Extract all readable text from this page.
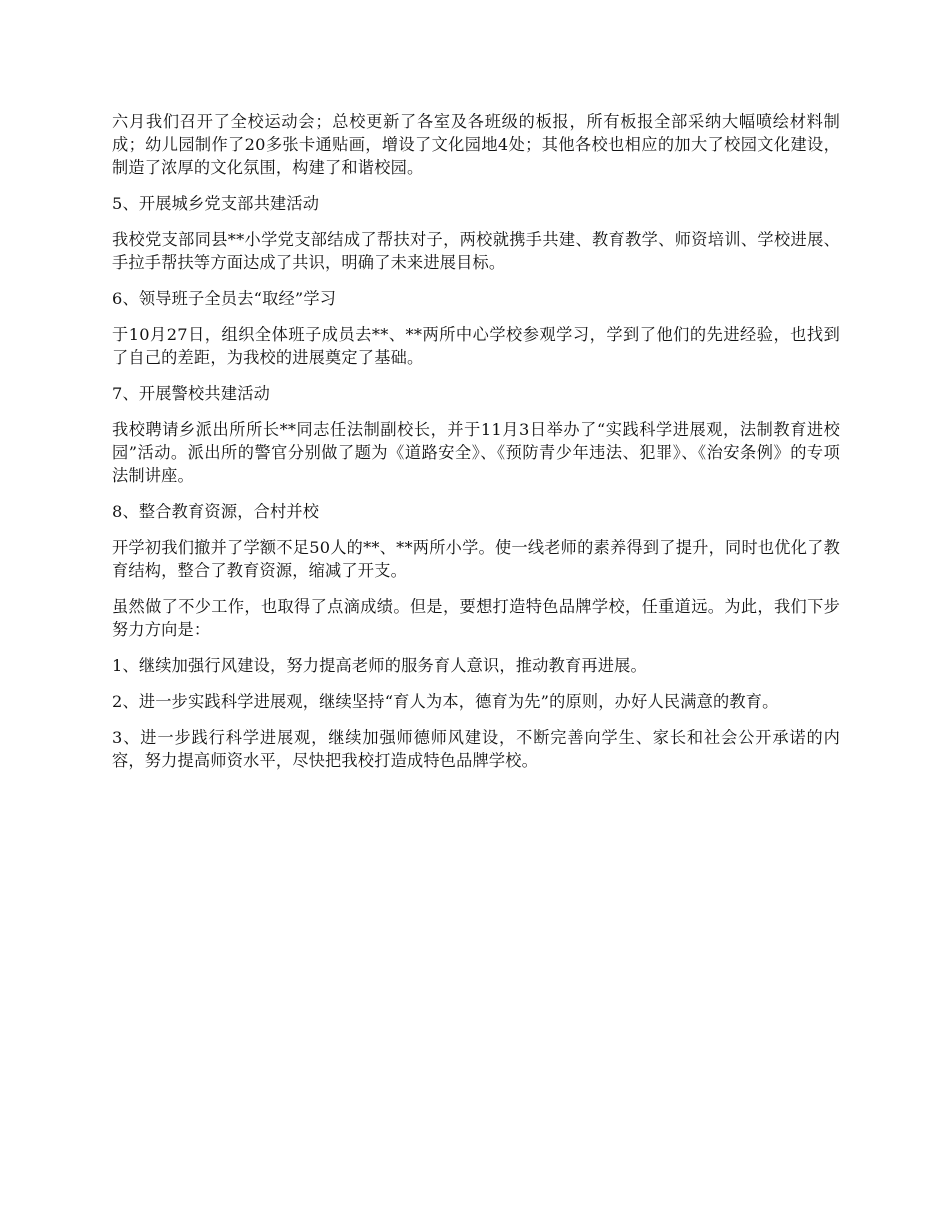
六月我们召开了全校运动会；总校更新了各室及各班级的板报，所有板报全部采纳大幅喷绘材料制成；幼儿园制作了20多张卡通贴画，增设了文化园地4处；其他各校也相应的加大了校园文化建设，制造了浓厚的文化氛围，构建了和谐校园。

5、开展城乡党支部共建活动

我校党支部同县**小学党支部结成了帮扶对子，两校就携手共建、教育教学、师资培训、学校进展、手拉手帮扶等方面达成了共识，明确了未来进展目标。

6、领导班子全员去“取经”学习

于10月27日，组织全体班子成员去**、**两所中心学校参观学习，学到了他们的先进经验，也找到了自己的差距，为我校的进展奠定了基础。

7、开展警校共建活动

我校聘请乡派出所所长**同志任法制副校长，并于11月3日举办了“实践科学进展观，法制教育进校园”活动。派出所的警官分别做了题为《道路安全》、《预防青少年违法、犯罪》、《治安条例》的专项法制讲座。

8、整合教育资源，合村并校

开学初我们撤并了学额不足50人的**、**两所小学。使一线老师的素养得到了提升，同时也优化了教育结构，整合了教育资源，缩减了开支。

虽然做了不少工作，也取得了点滴成绩。但是，要想打造特色品牌学校，任重道远。为此，我们下步努力方向是：

1、继续加强行风建设，努力提高老师的服务育人意识，推动教育再进展。

2、进一步实践科学进展观，继续坚持“育人为本，德育为先”的原则，办好人民满意的教育。

3、进一步践行科学进展观，继续加强师德师风建设，不断完善向学生、家长和社会公开承诺的内容，努力提高师资水平，尽快把我校打造成特色品牌学校。
